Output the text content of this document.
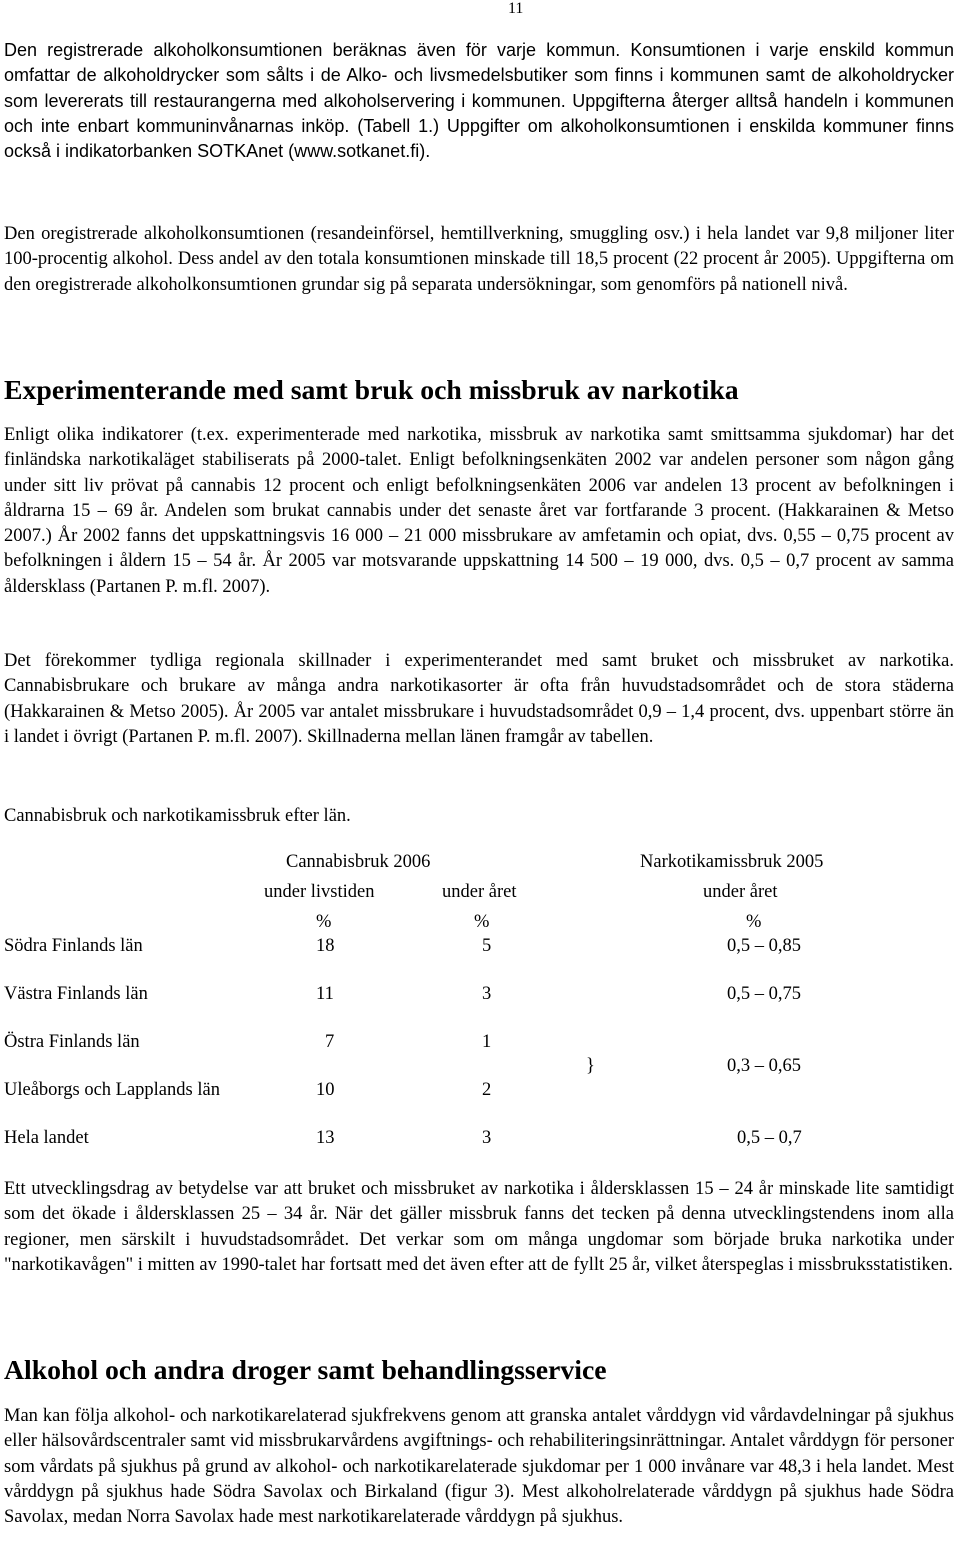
11

Den registrerade alkoholkonsumtionen beräknas även för varje kommun. Konsumtionen i varje enskild kommun omfattar de alkoholdrycker som sålts i de Alko- och livsmedelsbutiker som finns i kommunen samt de alkoholdrycker som levererats till restaurangerna med alkoholservering i kommunen. Uppgifterna återger alltså handeln i kommunen och inte enbart kommuninvånarnas inköp. (Tabell 1.) Uppgifter om alkoholkonsumtionen i enskilda kommuner finns också i indikatorbanken SOTKAnet (www.sotkanet.fi).

Den oregistrerade alkoholkonsumtionen (resandeinförsel, hemtillverkning, smuggling osv.) i hela landet var 9,8 miljoner liter 100-procentig alkohol. Dess andel av den totala konsumtionen minskade till 18,5 procent (22 procent år 2005). Uppgifterna om den oregistrerade alkoholkonsumtionen grundar sig på separata undersökningar, som genomförs på nationell nivå.

Experimenterande med samt bruk och missbruk av narkotika

Enligt olika indikatorer (t.ex. experimenterade med narkotika, missbruk av narkotika samt smittsamma sjukdomar) har det finländska narkotikaläget stabiliserats på 2000-talet. Enligt befolkningsenkäten 2002 var andelen personer som någon gång under sitt liv prövat på cannabis 12 procent och enligt befolkningsenkäten 2006 var andelen 13 procent av befolkningen i åldrarna 15 – 69 år. Andelen som brukat cannabis under det senaste året var fortfarande 3 procent. (Hakkarainen & Metso 2007.) År 2002 fanns det uppskattningsvis 16 000 – 21 000 missbrukare av amfetamin och opiat, dvs. 0,55 – 0,75 procent av befolkningen i åldern 15 – 54 år. År 2005 var motsvarande uppskattning 14 500 – 19 000, dvs. 0,5 – 0,7 procent av samma åldersklass (Partanen P. m.fl. 2007).

Det förekommer tydliga regionala skillnader i experimenterandet med samt bruket och missbruket av narkotika. Cannabisbrukare och brukare av många andra narkotikasorter är ofta från huvudstadsområdet och de stora städerna (Hakkarainen & Metso 2005). År 2005 var antalet missbrukare i huvudstadsområdet 0,9 – 1,4 procent, dvs. uppenbart större än i landet i övrigt (Partanen P. m.fl. 2007). Skillnaderna mellan länen framgår av tabellen.

Cannabisbruk och narkotikamissbruk efter län.
Cannabisbruk 2006	Narkotikamissbruk 2005
under livstiden	under året	under året
%	%	%
Södra Finlands län	18	5	0,5 – 0,85
Västra Finlands län	11	3	0,5 – 0,75
Östra Finlands län	7	1
}	0,3 – 0,65
Uleåborgs och Lapplands län	10	2
Hela landet	13	3	0,5 – 0,7

Ett utvecklingsdrag av betydelse var att bruket och missbruket av narkotika i åldersklassen 15 – 24 år minskade lite samtidigt som det ökade i åldersklassen 25 – 34 år. När det gäller missbruk fanns det tecken på denna utvecklingstendens inom alla regioner, men särskilt i huvudstadsområdet. Det verkar som om många ungdomar som började bruka narkotika under "narkotikavågen" i mitten av 1990-talet har fortsatt med det även efter att de fyllt 25 år, vilket återspeglas i missbruksstatistiken.

Alkohol och andra droger samt behandlingsservice

Man kan följa alkohol- och narkotikarelaterad sjukfrekvens genom att granska antalet vårddygn vid vårdavdelningar på sjukhus eller hälsovårdscentraler samt vid missbrukarvårdens avgiftnings- och rehabiliteringsinrättningar. Antalet vårddygn för personer som vårdats på sjukhus på grund av alkohol- och narkotikarelaterade sjukdomar per 1 000 invånare var 48,3 i hela landet. Mest vårddygn på sjukhus hade Södra Savolax och Birkaland (figur 3). Mest alkoholrelaterade vårddygn på sjukhus hade Södra Savolax, medan Norra Savolax hade mest narkotikarelaterade vårddygn på sjukhus.
